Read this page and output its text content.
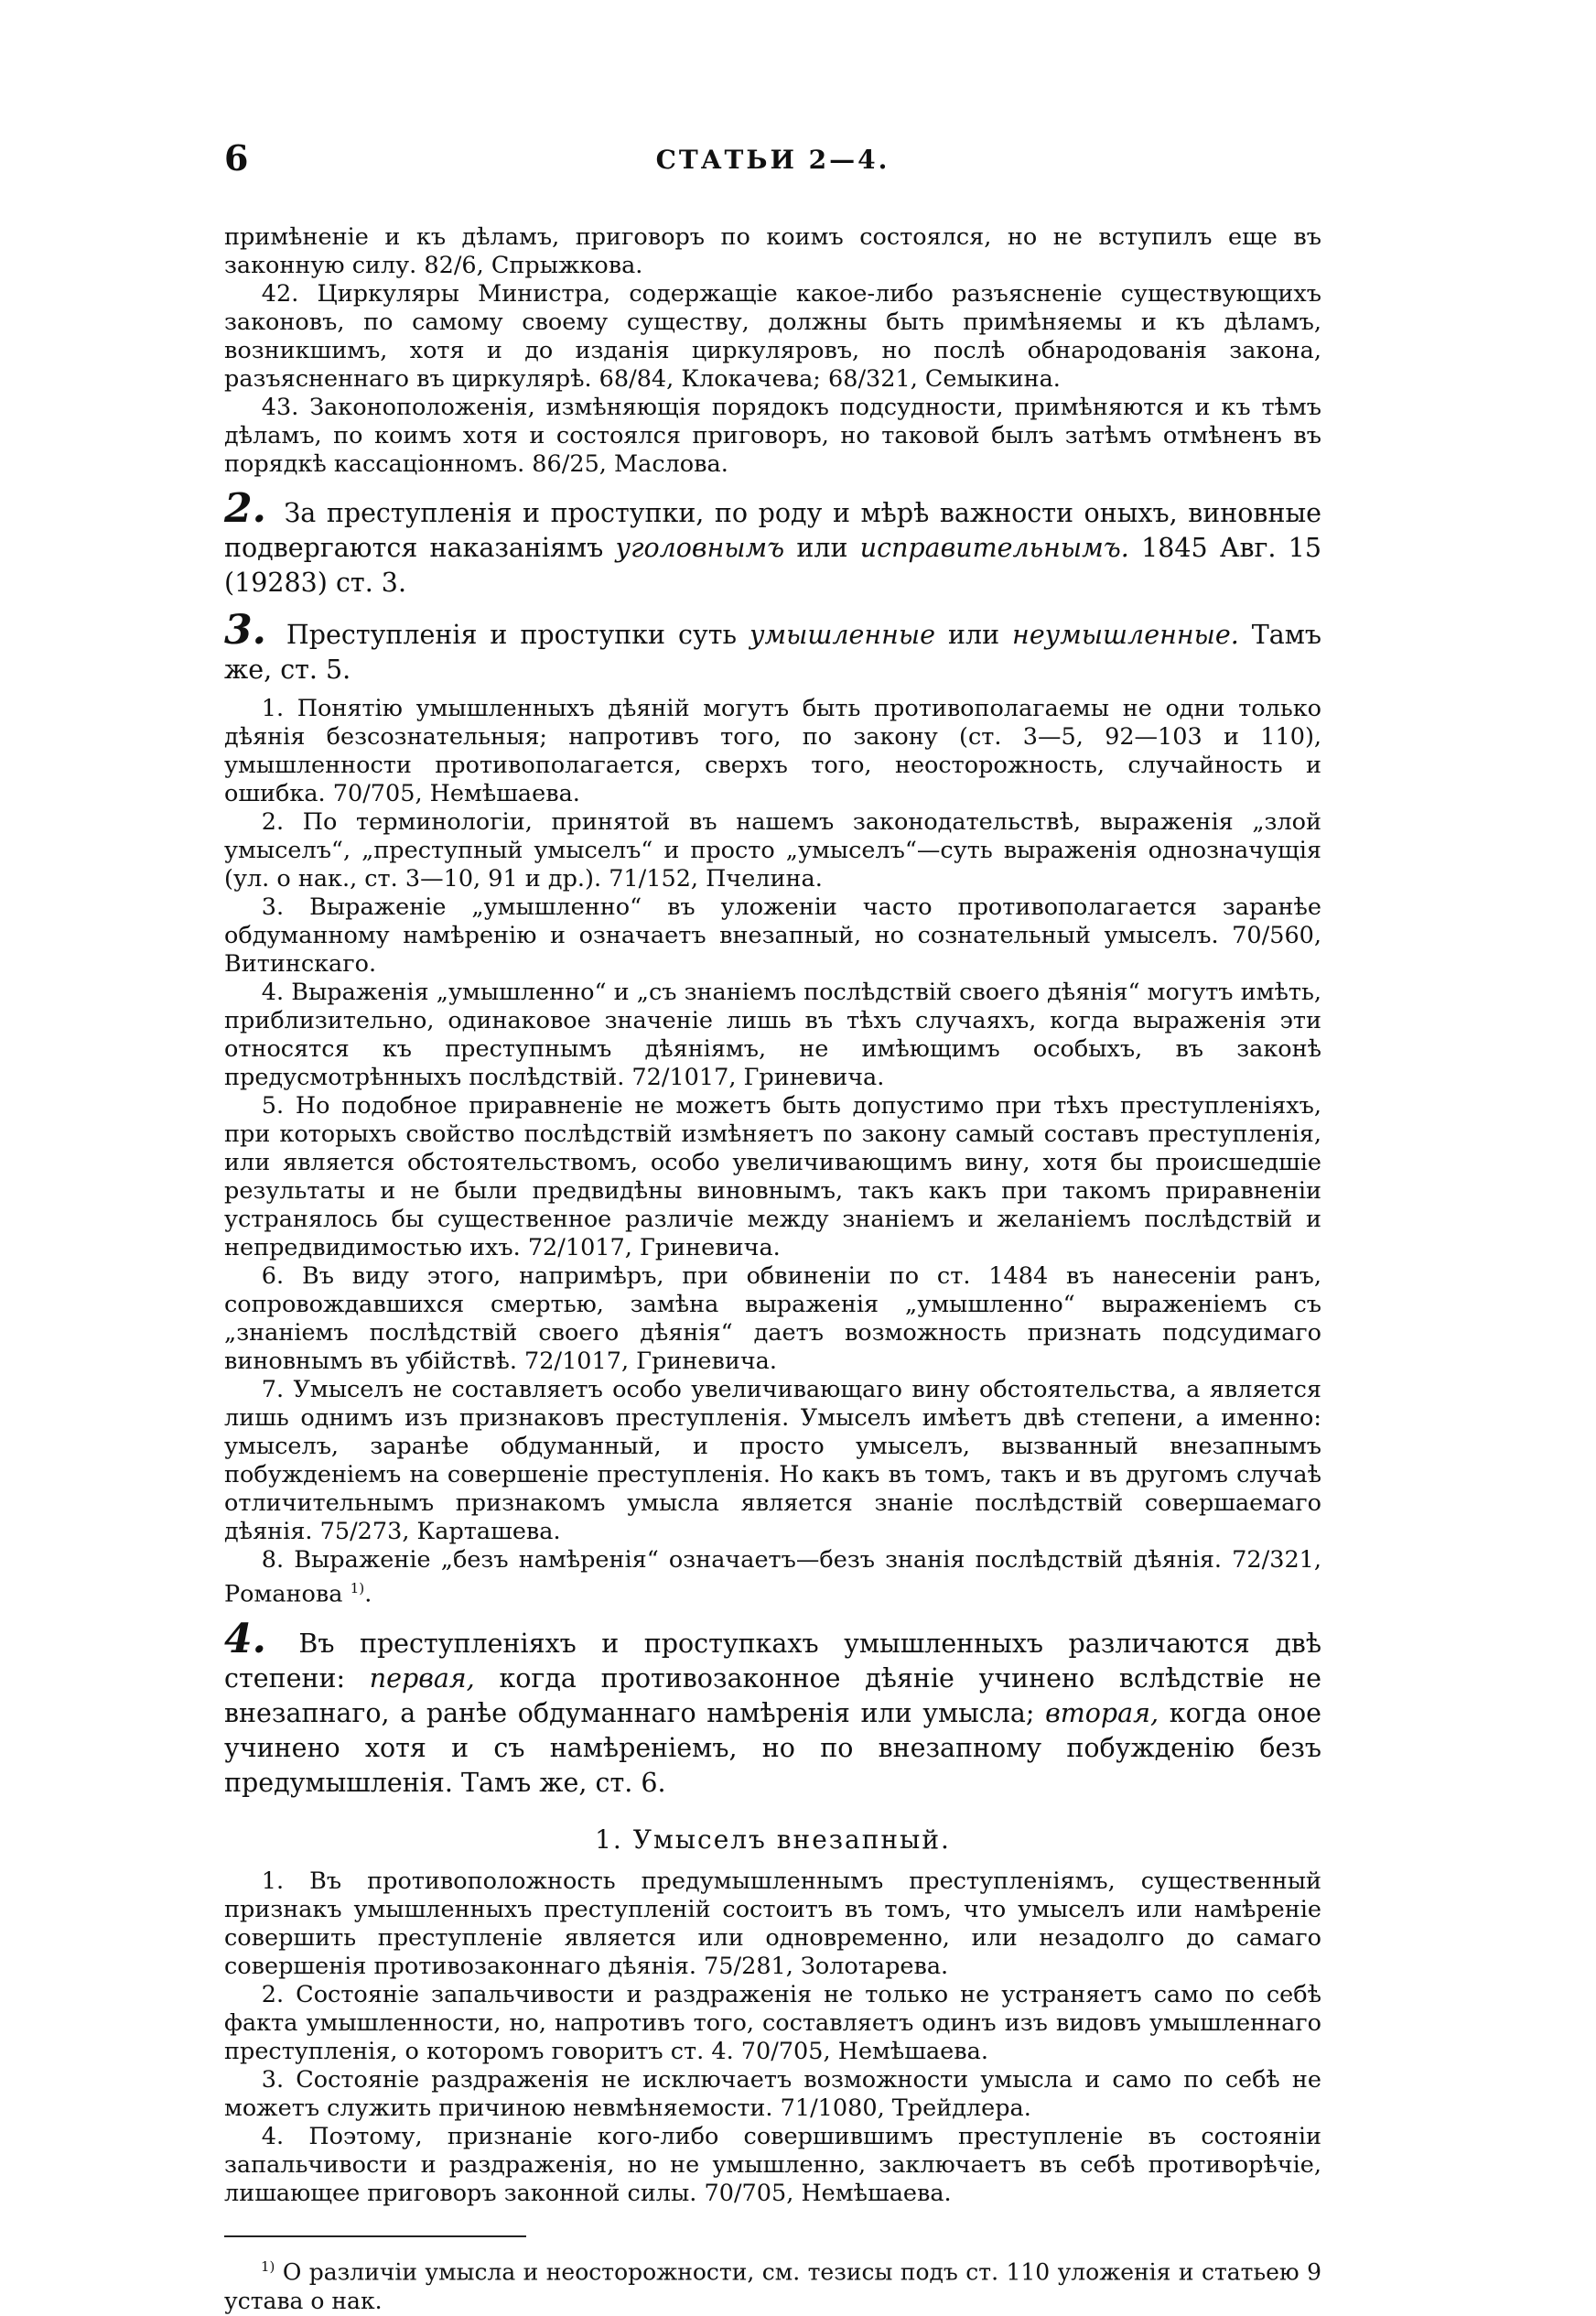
6	СТАТЬИ 2—4.

примѣненіе и къ дѣламъ, приговоръ по коимъ состоялся, но не вступилъ еще въ законную силу. 82/6, Спрыжкова.

42. Циркуляры Министра, содержащіе какое-либо разъясненіе существующихъ законовъ, по самому своему существу, должны быть примѣняемы и къ дѣламъ, возникшимъ, хотя и до изданія циркуляровъ, но послѣ обнародованія закона, разъясненнаго въ циркулярѣ. 68/84, Клокачева; 68/321, Семыкина.

43. Законоположенія, измѣняющія порядокъ подсудности, примѣняются и къ тѣмъ дѣламъ, по коимъ хотя и состоялся приговоръ, но таковой былъ затѣмъ отмѣненъ въ порядкѣ кассаціонномъ. 86/25, Маслова.

2. За преступленія и проступки, по роду и мѣрѣ важности оныхъ, виновные подвергаются наказаніямъ уголовнымъ или исправительнымъ. 1845 Авг. 15 (19283) ст. 3.

3. Преступленія и проступки суть умышленные или неумышленные. Тамъ же, ст. 5.

1. Понятію умышленныхъ дѣяній могутъ быть противополагаемы не одни только дѣянія безсознательныя; напротивъ того, по закону (ст. 3—5, 92—103 и 110), умышленности противополагается, сверхъ того, неосторожность, случайность и ошибка. 70/705, Немѣшаева.

2. По терминологіи, принятой въ нашемъ законодательствѣ, выраженія „злой умыселъ“, „преступный умыселъ“ и просто „умыселъ“—суть выраженія однозначущія (ул. о нак., ст. 3—10, 91 и др.). 71/152, Пчелина.

3. Выраженіе „умышленно“ въ уложеніи часто противополагается заранѣе обдуманному намѣренію и означаетъ внезапный, но сознательный умыселъ. 70/560, Витинскаго.

4. Выраженія „умышленно“ и „съ знаніемъ послѣдствій своего дѣянія“ могутъ имѣть, приблизительно, одинаковое значеніе лишь въ тѣхъ случаяхъ, когда выраженія эти относятся къ преступнымъ дѣяніямъ, не имѣющимъ особыхъ, въ законѣ предусмотрѣнныхъ послѣдствій. 72/1017, Гриневича.

5. Но подобное приравненіе не можетъ быть допустимо при тѣхъ преступленіяхъ, при которыхъ свойство послѣдствій измѣняетъ по закону самый составъ преступленія, или является обстоятельствомъ, особо увеличивающимъ вину, хотя бы происшедшіе результаты и не были предвидѣны виновнымъ, такъ какъ при такомъ приравненіи устранялось бы существенное различіе между знаніемъ и желаніемъ послѣдствій и непредвидимостью ихъ. 72/1017, Гриневича.

6. Въ виду этого, напримѣръ, при обвиненіи по ст. 1484 въ нанесеніи ранъ, сопровождавшихся смертью, замѣна выраженія „умышленно“ выраженіемъ съ „знаніемъ послѣдствій своего дѣянія“ даетъ возможность признать подсудимаго виновнымъ въ убійствѣ. 72/1017, Гриневича.

7. Умыселъ не составляетъ особо увеличивающаго вину обстоятельства, а является лишь однимъ изъ признаковъ преступленія. Умыселъ имѣетъ двѣ степени, а именно: умыселъ, заранѣе обдуманный, и просто умыселъ, вызванный внезапнымъ побужденіемъ на совершеніе преступленія. Но какъ въ томъ, такъ и въ другомъ случаѣ отличительнымъ признакомъ умысла является знаніе послѣдствій совершаемаго дѣянія. 75/273, Карташева.

8. Выраженіе „безъ намѣренія“ означаетъ—безъ знанія послѣдствій дѣянія. 72/321, Романова $^{1)}$.

4. Въ преступленіяхъ и проступкахъ умышленныхъ различаются двѣ степени: первая, когда противозаконное дѣяніе учинено вслѣдствіе не внезапнаго, а ранѣе обдуманнаго намѣренія или умысла; вторая, когда оное учинено хотя и съ намѣреніемъ, но по внезапному побужденію безъ предумышленія. Тамъ же, ст. 6.

1. Умыселъ внезапный.

1. Въ противоположность предумышленнымъ преступленіямъ, существенный признакъ умышленныхъ преступленій состоитъ въ томъ, что умыселъ или намѣреніе совершить преступленіе является или одновременно, или незадолго до самаго совершенія противозаконнаго дѣянія. 75/281, Золотарева.

2. Состояніе запальчивости и раздраженія не только не устраняетъ само по себѣ факта умышленности, но, напротивъ того, составляетъ одинъ изъ видовъ умышленнаго преступленія, о которомъ говоритъ ст. 4. 70/705, Немѣшаева.

3. Состояніе раздраженія не исключаетъ возможности умысла и само по себѣ не можетъ служить причиною невмѣняемости. 71/1080, Трейдлера.

4. Поэтому, признаніе кого-либо совершившимъ преступленіе въ состояніи запальчивости и раздраженія, но не умышленно, заключаетъ въ себѣ противорѣчіе, лишающее приговоръ законной силы. 70/705, Немѣшаева.

$^{1)}$ О различіи умысла и неосторожности, см. тезисы подъ ст. 110 уложенія и статьею 9 устава о нак.
